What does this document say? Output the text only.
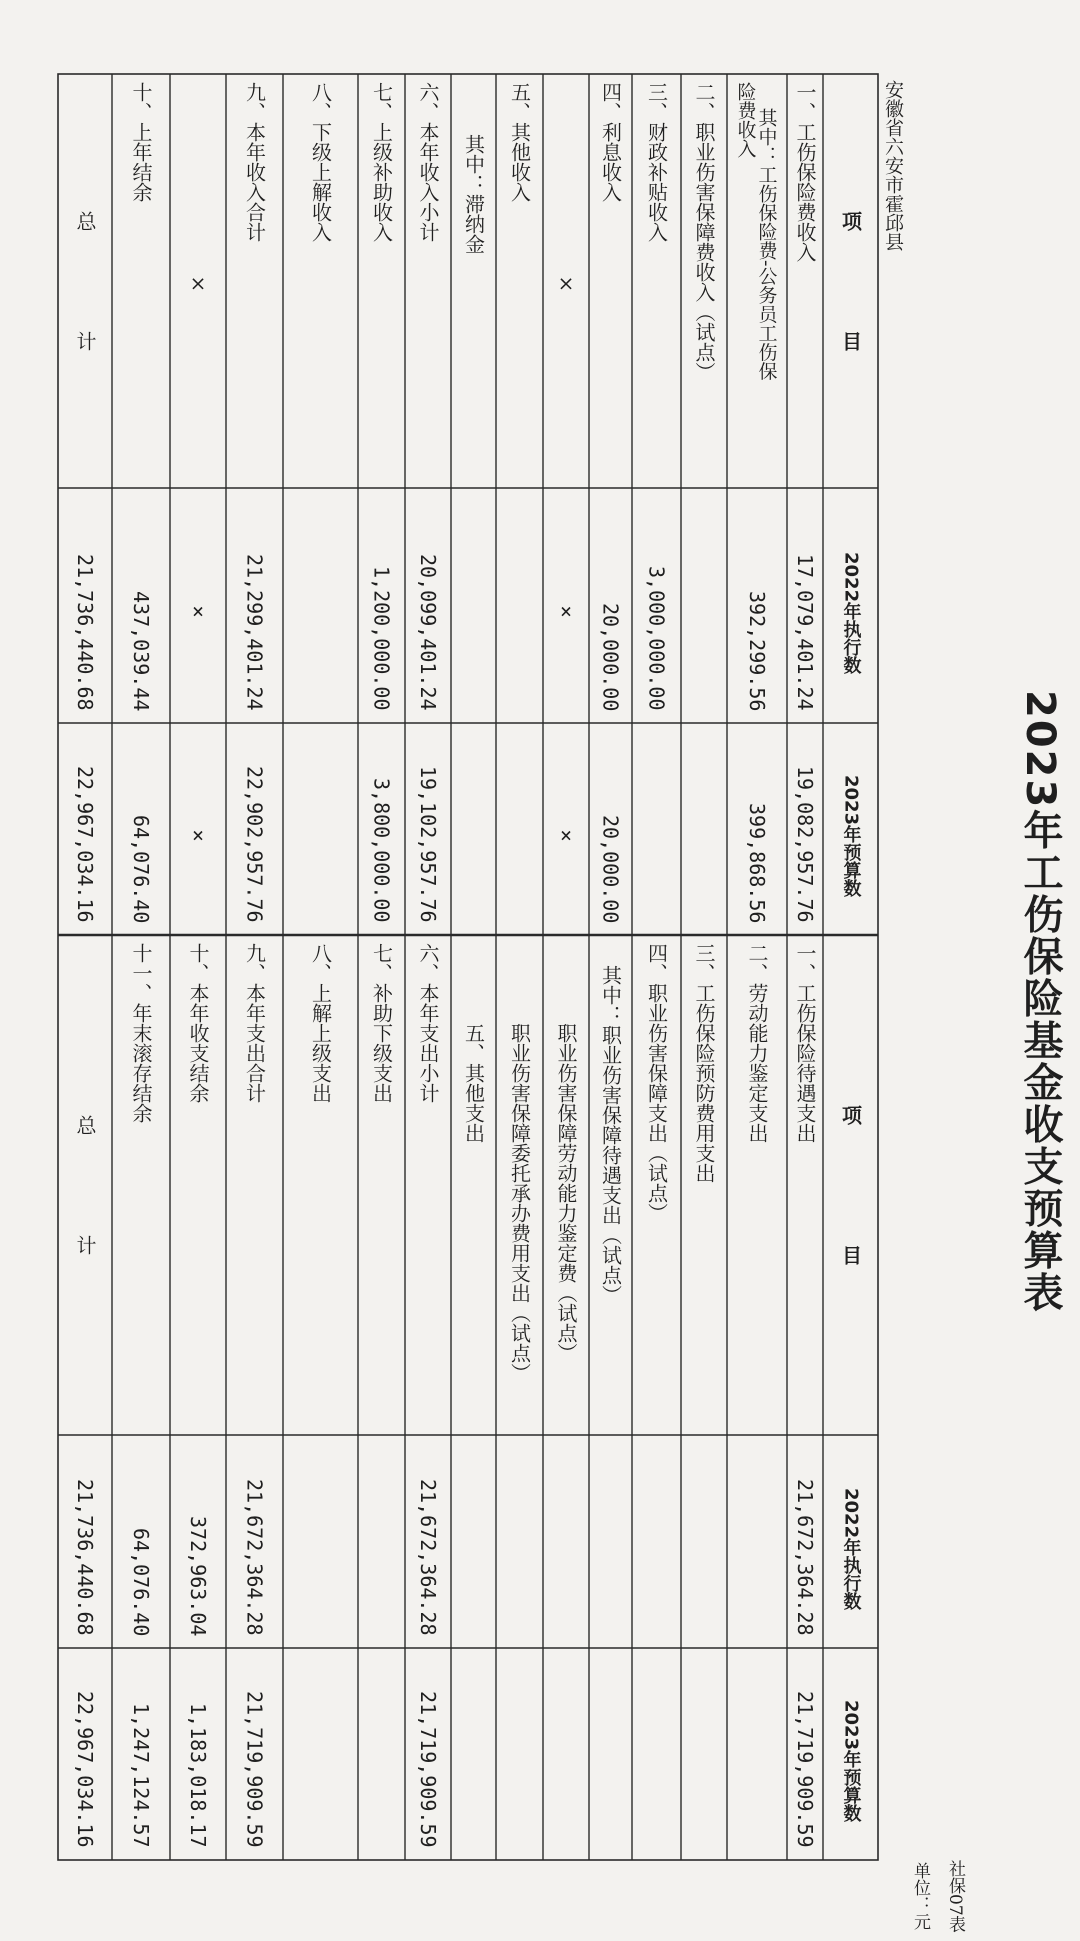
2023年工伤保险基金收支预算表
社保07表
单位：元
安徽省六安市霍邱县
项　　　　　目
2022年执行数
2023年预算数
项　　　　　　目
2022年执行数
2023年预算数
一、工伤保险费收入
17,079,401.24
19,082,957.76
其中：工伤保险费-公务员工伤保
险费收入
392,299.56
399,868.56
二、职业伤害保障费收入（试点）
三、财政补贴收入
3,000,000.00
四、利息收入
20,000.00
20,000.00
×
×
×
五、其他收入
其中：滞纳金
六、本年收入小计
20,099,401.24
19,102,957.76
七、上级补助收入
1,200,000.00
3,800,000.00
八、下级上解收入
九、本年收入合计
21,299,401.24
22,902,957.76
×
×
×
十、上年结余
437,039.44
64,076.40
一、工伤保险待遇支出
21,672,364.28
21,719,909.59
二、劳动能力鉴定支出
三、工伤保险预防费用支出
四、职业伤害保障支出（试点）
其中：职业伤害保障待遇支出（试点）
职业伤害保障劳动能力鉴定费（试点）
职业伤害保障委托承办费用支出（试点）
五、其他支出
六、本年支出小计
21,672,364.28
21,719,909.59
七、补助下级支出
八、上解上级支出
九、本年支出合计
21,672,364.28
21,719,909.59
十、本年收支结余
372,963.04
1,183,018.17
十一、年末滚存结余
64,076.40
1,247,124.57
总　　　　　计
21,736,440.68
22,967,034.16
总　　　　　计
21,736,440.68
22,967,034.16
